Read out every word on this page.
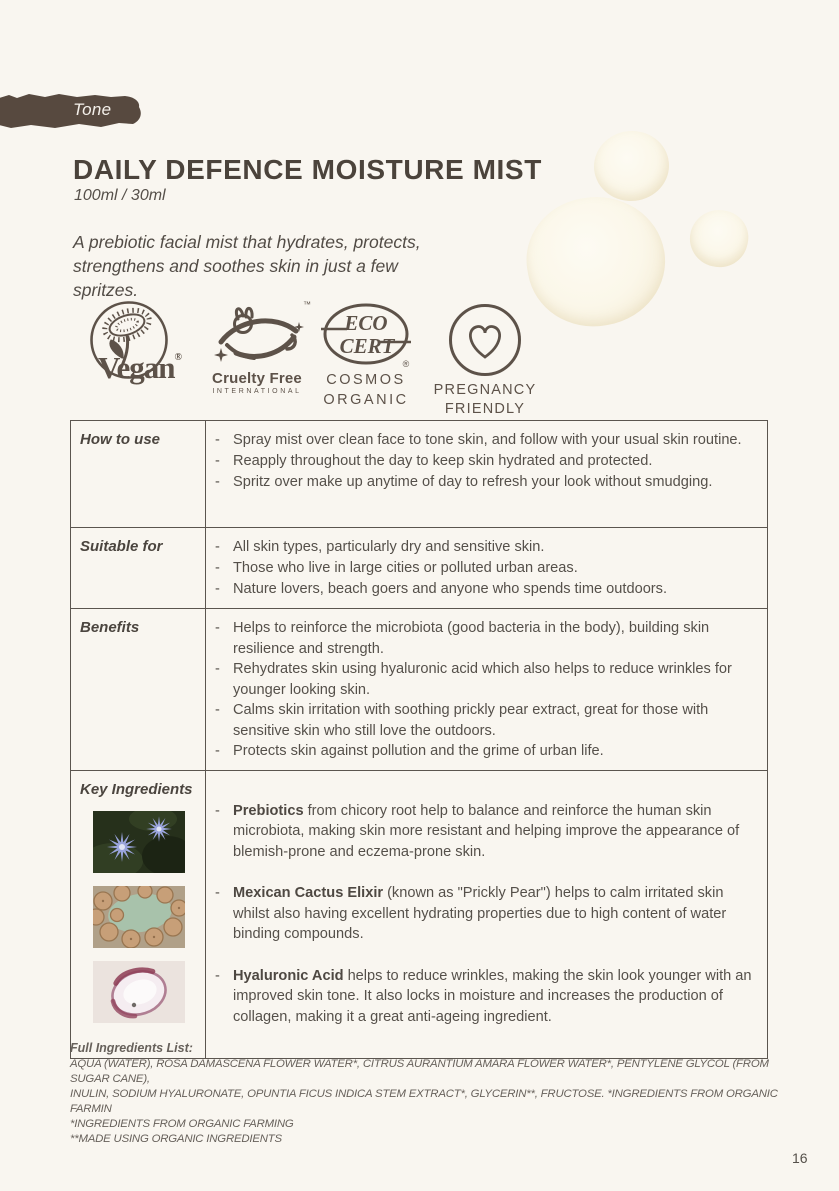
Tone
DAILY DEFENCE MOISTURE MIST
100ml / 30ml

A prebiotic facial mist that hydrates, protects, strengthens and soothes skin in just a few spritzes.

Vegan®
™
Cruelty Free
INTERNATIONAL
ECO
CERT
®
COSMOS
ORGANIC
PREGNANCY
FRIENDLY
How to use	- Spray mist over clean face to tone skin, and follow with your usual skin routine.
- Reapply throughout the day to keep skin hydrated and protected.
- Spritz over make up anytime of day to refresh your look without smudging.
Suitable for	- All skin types, particularly dry and sensitive skin.
- Those who live in large cities or polluted urban areas.
- Nature lovers, beach goers and anyone who spends time outdoors.
Benefits	- Helps to reinforce the microbiota (good bacteria in the body), building skin resilience and strength.
- Rehydrates skin using hyaluronic acid which also helps to reduce wrinkles for younger looking skin.
- Calms skin irritation with soothing prickly pear extract, great for those with sensitive skin who still love the outdoors.
- Protects skin against pollution and the grime of urban life.
Key Ingredients
- Prebiotics from chicory root help to balance and reinforce the human skin microbiota, making skin more resistant and helping improve the appearance of blemish-prone and eczema-prone skin.
- Mexican Cactus Elixir (known as "Prickly Pear") helps to calm irritated skin whilst also having excellent hydrating properties due to high content of water binding compounds.
- Hyaluronic Acid helps to reduce wrinkles, making the skin look younger with an improved skin tone. It also locks in moisture and increases the production of collagen, making it a great anti-ageing ingredient.
Full Ingredients List:
AQUA (WATER), ROSA DAMASCENA FLOWER WATER*, CITRUS AURANTIUM AMARA FLOWER WATER*, PENTYLENE GLYCOL (FROM SUGAR CANE),
INULIN, SODIUM HYALURONATE, OPUNTIA FICUS INDICA STEM EXTRACT*, GLYCERIN**, FRUCTOSE. *INGREDIENTS FROM ORGANIC FARMIN
*INGREDIENTS FROM ORGANIC FARMING
**MADE USING ORGANIC INGREDIENTS
16
